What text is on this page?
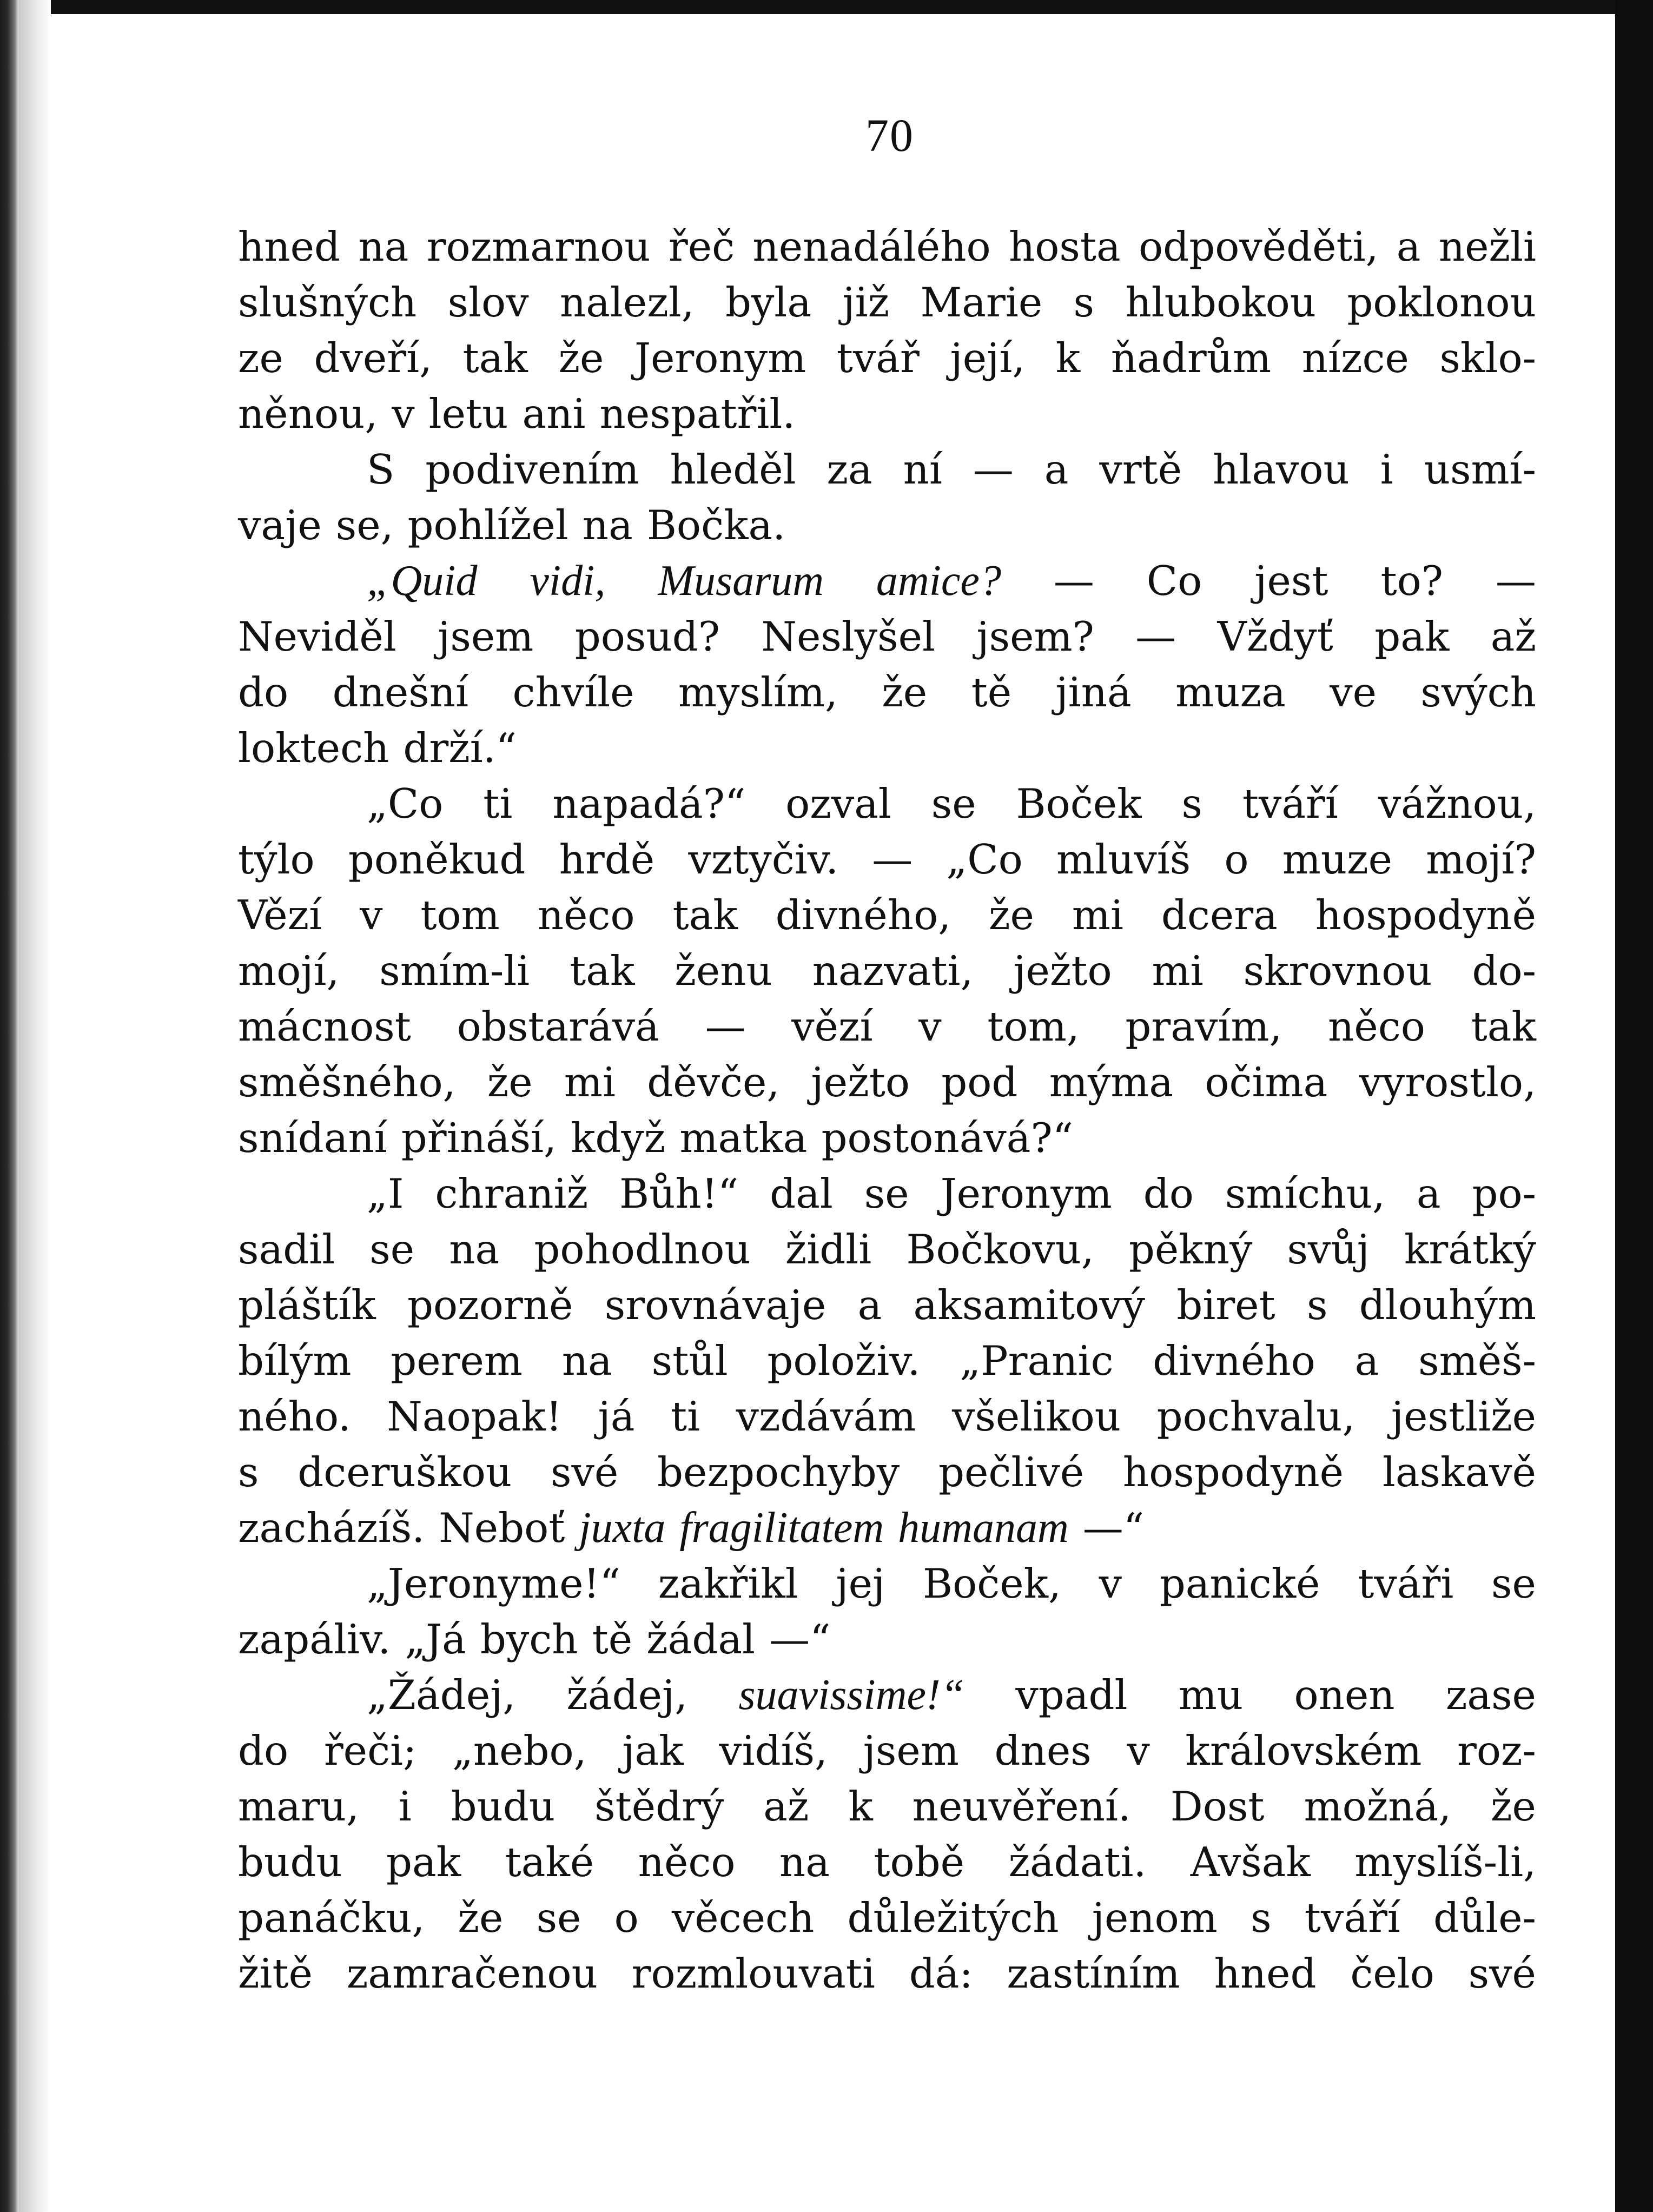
70
hned na rozmarnou řeč nenadálého hosta odpověděti, a nežli
slušných slov nalezl, byla již Marie s hlubokou poklonou
ze dveří, tak že Jeronym tvář její, k ňadrům nízce sklo-
něnou, v letu ani nespatřil.
S podivením hleděl za ní — a vrtě hlavou i usmí-
vaje se, pohlížel na Bočka.
„Quid vidi, Musarum amice? — Co jest to? —
Neviděl jsem posud? Neslyšel jsem? — Vždyť pak až
do dnešní chvíle myslím, že tě jiná muza ve svých
loktech drží.“
„Co ti napadá?“ ozval se Boček s tváří vážnou,
týlo poněkud hrdě vztyčiv. — „Co mluvíš o muze mojí?
Vězí v tom něco tak divného, že mi dcera hospodyně
mojí, smím-li tak ženu nazvati, ježto mi skrovnou do-
mácnost obstarává — vězí v tom, pravím, něco tak
směšného, že mi děvče, ježto pod mýma očima vyrostlo,
snídaní přináší, když matka postonává?“
„I chraniž Bůh!“ dal se Jeronym do smíchu, a po-
sadil se na pohodlnou židli Bočkovu, pěkný svůj krátký
pláštík pozorně srovnávaje a aksamitový biret s dlouhým
bílým perem na stůl položiv. „Pranic divného a směš-
ného. Naopak! já ti vzdávám všelikou pochvalu, jestliže
s dceruškou své bezpochyby pečlivé hospodyně laskavě
zacházíš. Neboť juxta fragilitatem humanam —“
„Jeronyme!“ zakřikl jej Boček, v panické tváři se
zapáliv. „Já bych tě žádal —“
„Žádej, žádej, suavissime!“ vpadl mu onen zase
do řeči; „nebo, jak vidíš, jsem dnes v královském roz-
maru, i budu štědrý až k neuvěření. Dost možná, že
budu pak také něco na tobě žádati. Avšak myslíš-li,
panáčku, že se o věcech důležitých jenom s tváří důle-
žitě zamračenou rozmlouvati dá: zastíním hned čelo své
